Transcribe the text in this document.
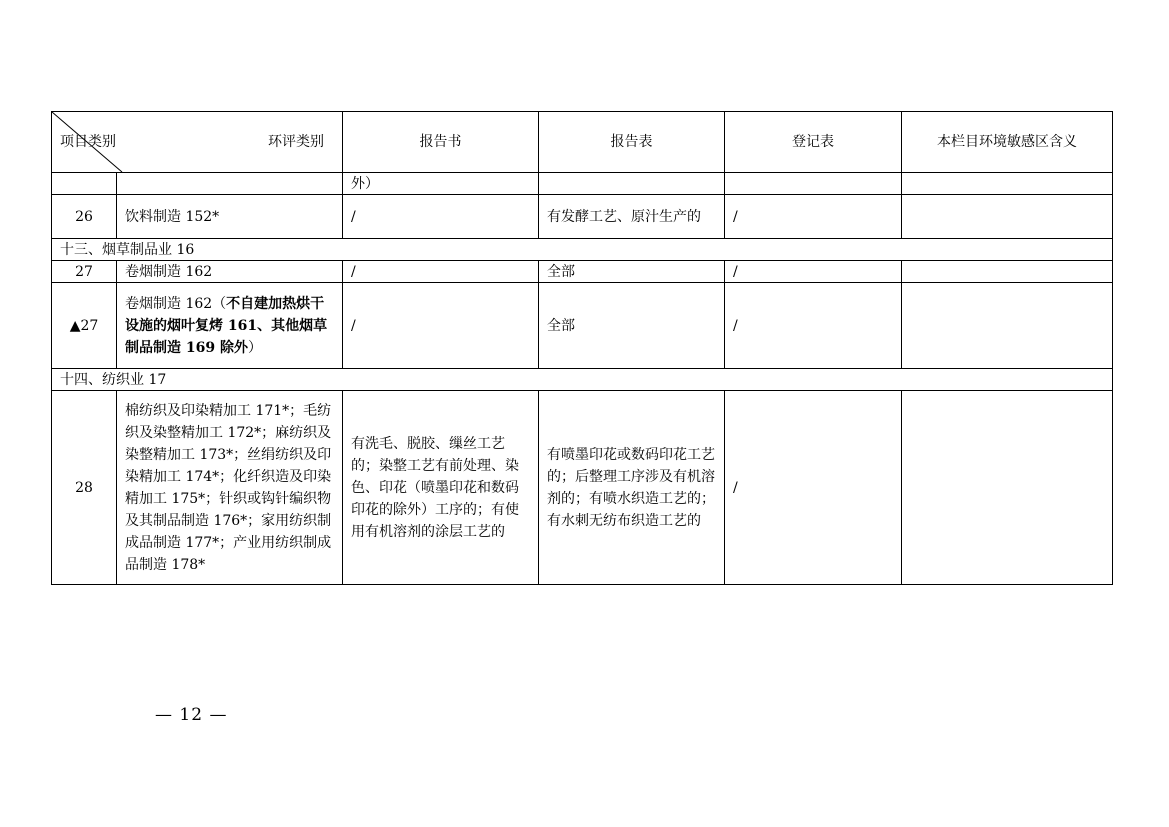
项目类别 环评类别		报告书	报告表	登记表	本栏目环境敏感区含义
		外）			
26	饮料制造 152*	/	有发酵工艺、原汁生产的	/	
十三、烟草制品业 16					
27	卷烟制造 162	/	全部	/	
▲27	卷烟制造 162（不自建加热烘干设施的烟叶复烤 161、其他烟草制品制造 169 除外）	/	全部	/	
十四、纺织业 17					
28	棉纺织及印染精加工 171*；毛纺织及染整精加工 172*；麻纺织及染整精加工 173*；丝绢纺织及印染精加工 174*；化纤织造及印染精加工 175*；针织或钩针编织物及其制品制造 176*；家用纺织制成品制造 177*；产业用纺织制成品制造 178*	有洗毛、脱胶、缫丝工艺的；染整工艺有前处理、染色、印花（喷墨印花和数码印花的除外）工序的；有使用有机溶剂的涂层工艺的	有喷墨印花或数码印花工艺的；后整理工序涉及有机溶剂的；有喷水织造工艺的；有水刺无纺布织造工艺的	/	
— 12 —
